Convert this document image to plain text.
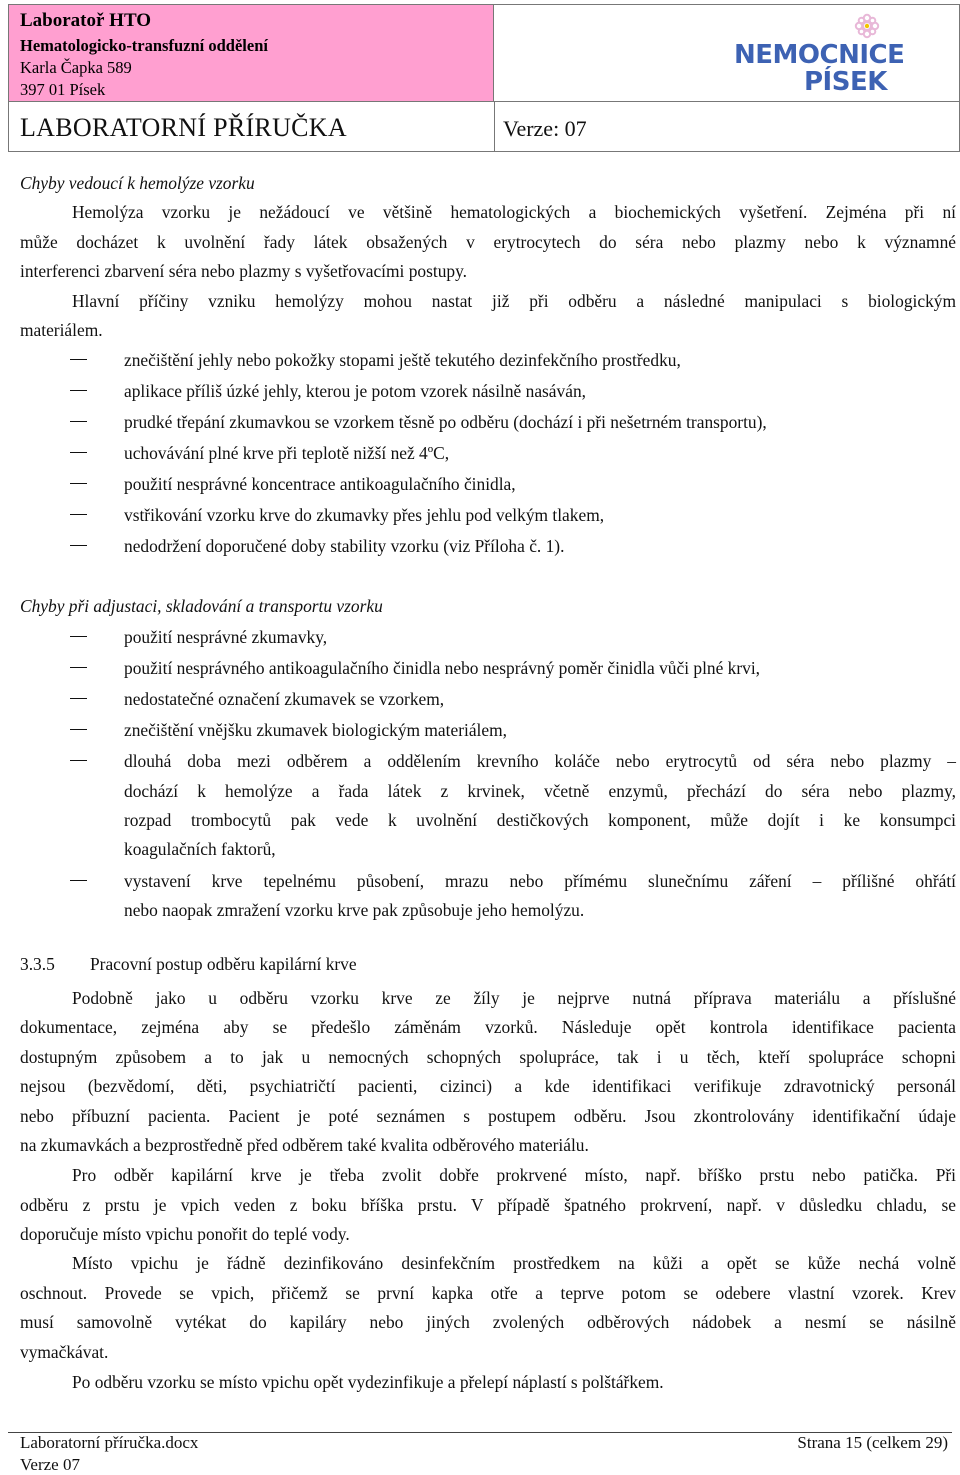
Laboratoř HTO
Hematologicko-transfuzní oddělení
Karla Čapka 589
397 01 Písek
NEMOCNICE
PÍSEK
LABORATORNÍ PŘÍRUČKA	Verze: 07
Chyby vedoucí k hemolýze vzorku
Hemolýza vzorku je nežádoucí ve většině hematologických a biochemických vyšetření. Zejména při ní
může docházet k uvolnění řady látek obsažených v erytrocytech do séra nebo plazmy nebo k významné
interferenci zbarvení séra nebo plazmy s vyšetřovacími postupy.
Hlavní příčiny vzniku hemolýzy mohou nastat již při odběru a následné manipulaci s biologickým
materiálem.
znečištění jehly nebo pokožky stopami ještě tekutého dezinfekčního prostředku,
aplikace příliš úzké jehly, kterou je potom vzorek násilně nasáván,
prudké třepání zkumavkou se vzorkem těsně po odběru (dochází i při nešetrném transportu),
uchovávání plné krve při teplotě nižší než 4ºC,
použití nesprávné koncentrace antikoagulačního činidla,
vstřikování vzorku krve do zkumavky přes jehlu pod velkým tlakem,
nedodržení doporučené doby stability vzorku (viz Příloha č. 1).
Chyby při adjustaci, skladování a transportu vzorku
použití nesprávné zkumavky,
použití nesprávného antikoagulačního činidla nebo nesprávný poměr činidla vůči plné krvi,
nedostatečné označení zkumavek se vzorkem,
znečištění vnějšku zkumavek biologickým materiálem,
dlouhá doba mezi odběrem a oddělením krevního koláče nebo erytrocytů od séra nebo plazmy –
dochází k hemolýze a řada látek z krvinek, včetně enzymů, přechází do séra nebo plazmy,
rozpad trombocytů pak vede k uvolnění destičkových komponent, může dojít i ke konsumpci
koagulačních faktorů,
vystavení krve tepelnému působení, mrazu nebo přímému slunečnímu záření – přílišné ohřátí
nebo naopak zmražení vzorku krve pak způsobuje jeho hemolýzu.
3.3.5 Pracovní postup odběru kapilární krve
Podobně jako u odběru vzorku krve ze žíly je nejprve nutná příprava materiálu a příslušné
dokumentace, zejména aby se předešlo záměnám vzorků. Následuje opět kontrola identifikace pacienta
dostupným způsobem a to jak u nemocných schopných spolupráce, tak i u těch, kteří spolupráce schopni
nejsou (bezvědomí, děti, psychiatričtí pacienti, cizinci) a kde identifikaci verifikuje zdravotnický personál
nebo příbuzní pacienta. Pacient je poté seznámen s postupem odběru. Jsou zkontrolovány identifikační údaje
na zkumavkách a bezprostředně před odběrem také kvalita odběrového materiálu.
Pro odběr kapilární krve je třeba zvolit dobře prokrvené místo, např. bříško prstu nebo patička. Při
odběru z prstu je vpich veden z boku bříška prstu. V případě špatného prokrvení, např. v důsledku chladu, se
doporučuje místo vpichu ponořit do teplé vody.
Místo vpichu je řádně dezinfikováno desinfekčním prostředkem na kůži a opět se kůže nechá volně
oschnout. Provede se vpich, přičemž se první kapka otře a teprve potom se odebere vlastní vzorek. Krev
musí samovolně vytékat do kapiláry nebo jiných zvolených odběrových nádobek a nesmí se násilně
vymačkávat.
Po odběru vzorku se místo vpichu opět vydezinfikuje a přelepí náplastí s polštářkem.
Laboratorní příručka.docx	Strana 15 (celkem 29)
Verze 07
